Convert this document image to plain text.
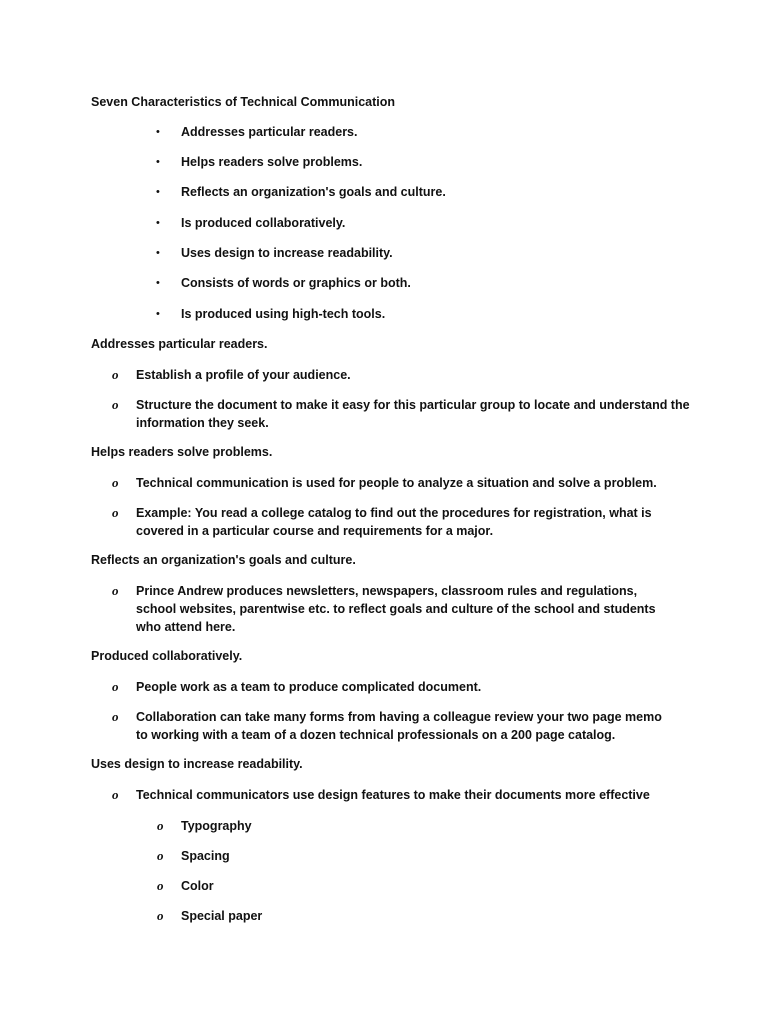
Seven Characteristics of Technical Communication
• Addresses particular readers.
• Helps readers solve problems.
• Reflects an organization's goals and culture.
• Is produced collaboratively.
• Uses design to increase readability.
• Consists of words or graphics or both.
• Is produced using high-tech tools.
Addresses particular readers.
o Establish a profile of your audience.
o Structure the document to make it easy for this particular group to locate and understand the information they seek.
Helps readers solve problems.
o Technical communication is used for people to analyze a situation and solve a problem.
o Example: You read a college catalog to find out the procedures for registration, what is covered in a particular course and requirements for a major.
Reflects an organization's goals and culture.
o Prince Andrew produces newsletters, newspapers, classroom rules and regulations, school websites, parentwise etc. to reflect goals and culture of the school and students who attend here.
Produced collaboratively.
o People work as a team to produce complicated document.
o Collaboration can take many forms from having a colleague review your two page memo to working with a team of a dozen technical professionals on a 200 page catalog.
Uses design to increase readability.
o Technical communicators use design features to make their documents more effective
o Typography
o Spacing
o Color
o Special paper
